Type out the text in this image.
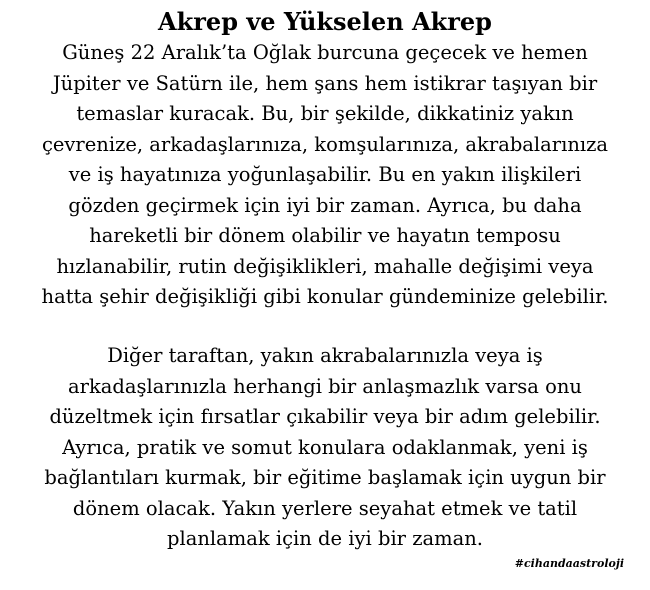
Akrep ve Yükselen Akrep

Güneş 22 Aralık’ta Oğlak burcuna geçecek ve hemen
Jüpiter ve Satürn ile, hem şans hem istikrar taşıyan bir
temaslar kuracak. Bu, bir şekilde, dikkatiniz yakın
çevrenize, arkadaşlarınıza, komşularınıza, akrabalarınıza
ve iş hayatınıza yoğunlaşabilir. Bu en yakın ilişkileri
gözden geçirmek için iyi bir zaman. Ayrıca, bu daha
hareketli bir dönem olabilir ve hayatın temposu
hızlanabilir, rutin değişiklikleri, mahalle değişimi veya
hatta şehir değişikliği gibi konular gündeminize gelebilir.

Diğer taraftan, yakın akrabalarınızla veya iş
arkadaşlarınızla herhangi bir anlaşmazlık varsa onu
düzeltmek için fırsatlar çıkabilir veya bir adım gelebilir.
Ayrıca, pratik ve somut konulara odaklanmak, yeni iş
bağlantıları kurmak, bir eğitime başlamak için uygun bir
dönem olacak. Yakın yerlere seyahat etmek ve tatil
planlamak için de iyi bir zaman.

#cihandaastroloji
